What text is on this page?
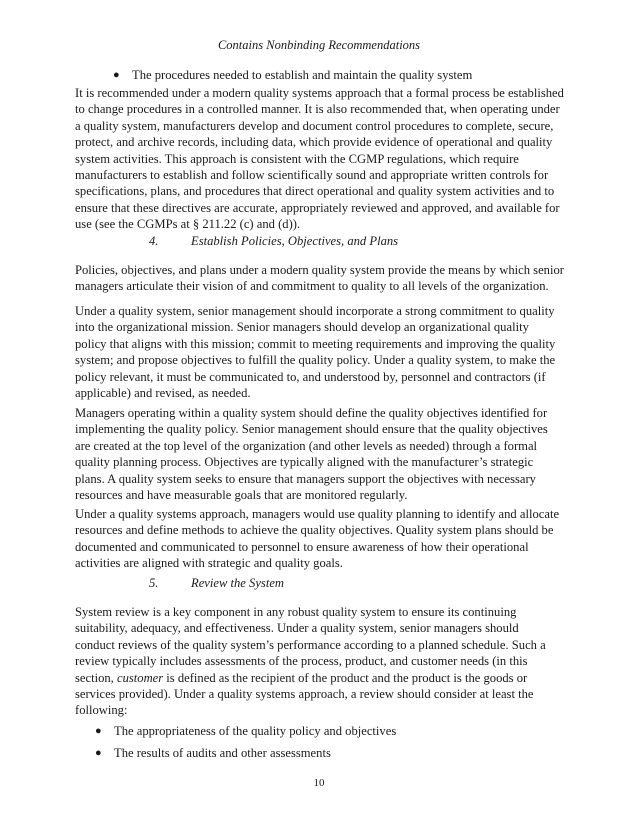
Contains Nonbinding Recommendations
● The procedures needed to establish and maintain the quality system
It is recommended under a modern quality systems approach that a formal process be established
to change procedures in a controlled manner. It is also recommended that, when operating under
a quality system, manufacturers develop and document control procedures to complete, secure,
protect, and archive records, including data, which provide evidence of operational and quality
system activities. This approach is consistent with the CGMP regulations, which require
manufacturers to establish and follow scientifically sound and appropriate written controls for
specifications, plans, and procedures that direct operational and quality system activities and to
ensure that these directives are accurate, appropriately reviewed and approved, and available for
use (see the CGMPs at § 211.22 (c) and (d)).
4.	Establish Policies, Objectives, and Plans
Policies, objectives, and plans under a modern quality system provide the means by which senior
managers articulate their vision of and commitment to quality to all levels of the organization.
Under a quality system, senior management should incorporate a strong commitment to quality
into the organizational mission. Senior managers should develop an organizational quality
policy that aligns with this mission; commit to meeting requirements and improving the quality
system; and propose objectives to fulfill the quality policy. Under a quality system, to make the
policy relevant, it must be communicated to, and understood by, personnel and contractors (if
applicable) and revised, as needed.
Managers operating within a quality system should define the quality objectives identified for
implementing the quality policy. Senior management should ensure that the quality objectives
are created at the top level of the organization (and other levels as needed) through a formal
quality planning process. Objectives are typically aligned with the manufacturer’s strategic
plans. A quality system seeks to ensure that managers support the objectives with necessary
resources and have measurable goals that are monitored regularly.
Under a quality systems approach, managers would use quality planning to identify and allocate
resources and define methods to achieve the quality objectives. Quality system plans should be
documented and communicated to personnel to ensure awareness of how their operational
activities are aligned with strategic and quality goals.
5.	Review the System
System review is a key component in any robust quality system to ensure its continuing
suitability, adequacy, and effectiveness. Under a quality system, senior managers should
conduct reviews of the quality system’s performance according to a planned schedule. Such a
review typically includes assessments of the process, product, and customer needs (in this
section, customer is defined as the recipient of the product and the product is the goods or
services provided). Under a quality systems approach, a review should consider at least the
following:
● The appropriateness of the quality policy and objectives
● The results of audits and other assessments
10
